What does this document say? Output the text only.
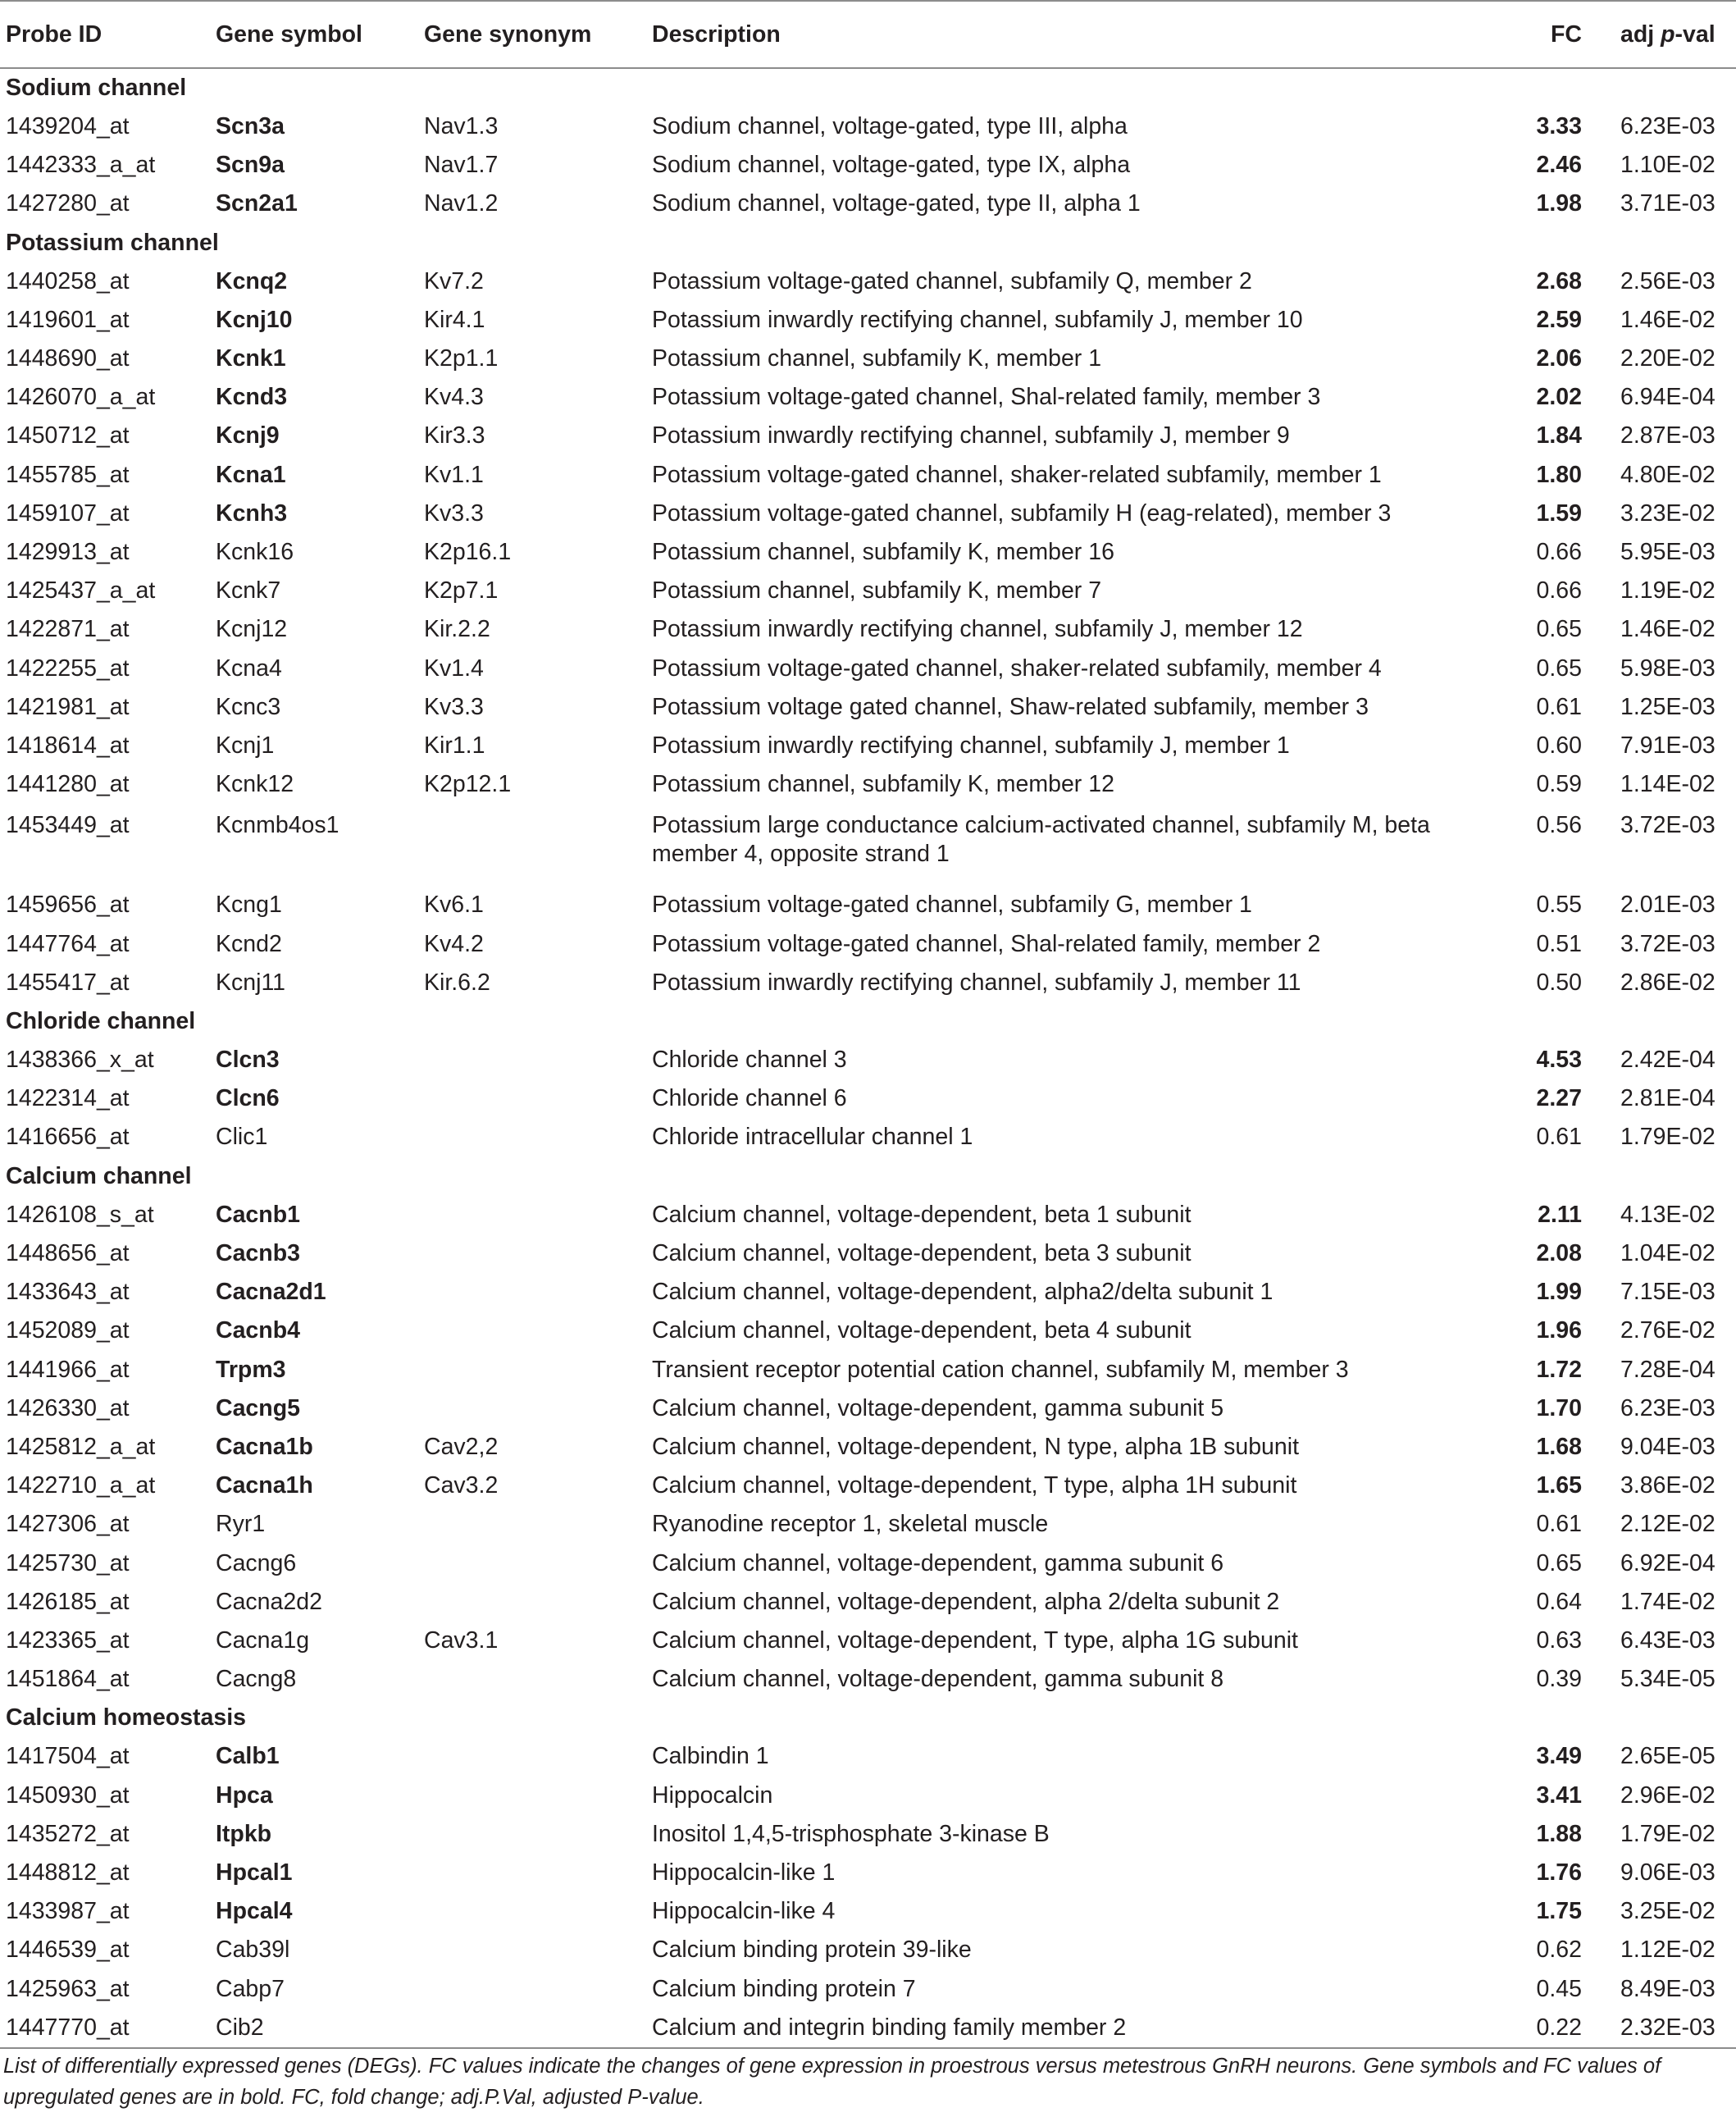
Probe ID	Gene symbol	Gene synonym	Description	FC	adj p-val
Sodium channel					
1439204_at	Scn3a	Nav1.3	Sodium channel, voltage-gated, type III, alpha	3.33	6.23E-03
1442333_a_at	Scn9a	Nav1.7	Sodium channel, voltage-gated, type IX, alpha	2.46	1.10E-02
1427280_at	Scn2a1	Nav1.2	Sodium channel, voltage-gated, type II, alpha 1	1.98	3.71E-03
Potassium channel					
1440258_at	Kcnq2	Kv7.2	Potassium voltage-gated channel, subfamily Q, member 2	2.68	2.56E-03
1419601_at	Kcnj10	Kir4.1	Potassium inwardly rectifying channel, subfamily J, member 10	2.59	1.46E-02
1448690_at	Kcnk1	K2p1.1	Potassium channel, subfamily K, member 1	2.06	2.20E-02
1426070_a_at	Kcnd3	Kv4.3	Potassium voltage-gated channel, Shal-related family, member 3	2.02	6.94E-04
1450712_at	Kcnj9	Kir3.3	Potassium inwardly rectifying channel, subfamily J, member 9	1.84	2.87E-03
1455785_at	Kcna1	Kv1.1	Potassium voltage-gated channel, shaker-related subfamily, member 1	1.80	4.80E-02
1459107_at	Kcnh3	Kv3.3	Potassium voltage-gated channel, subfamily H (eag-related), member 3	1.59	3.23E-02
1429913_at	Kcnk16	K2p16.1	Potassium channel, subfamily K, member 16	0.66	5.95E-03
1425437_a_at	Kcnk7	K2p7.1	Potassium channel, subfamily K, member 7	0.66	1.19E-02
1422871_at	Kcnj12	Kir.2.2	Potassium inwardly rectifying channel, subfamily J, member 12	0.65	1.46E-02
1422255_at	Kcna4	Kv1.4	Potassium voltage-gated channel, shaker-related subfamily, member 4	0.65	5.98E-03
1421981_at	Kcnc3	Kv3.3	Potassium voltage gated channel, Shaw-related subfamily, member 3	0.61	1.25E-03
1418614_at	Kcnj1	Kir1.1	Potassium inwardly rectifying channel, subfamily J, member 1	0.60	7.91E-03
1441280_at	Kcnk12	K2p12.1	Potassium channel, subfamily K, member 12	0.59	1.14E-02
1453449_at	Kcnmb4os1		Potassium large conductance calcium-activated channel, subfamily M, beta member 4, opposite strand 1	0.56	3.72E-03
1459656_at	Kcng1	Kv6.1	Potassium voltage-gated channel, subfamily G, member 1	0.55	2.01E-03
1447764_at	Kcnd2	Kv4.2	Potassium voltage-gated channel, Shal-related family, member 2	0.51	3.72E-03
1455417_at	Kcnj11	Kir.6.2	Potassium inwardly rectifying channel, subfamily J, member 11	0.50	2.86E-02
Chloride channel					
1438366_x_at	Clcn3		Chloride channel 3	4.53	2.42E-04
1422314_at	Clcn6		Chloride channel 6	2.27	2.81E-04
1416656_at	Clic1		Chloride intracellular channel 1	0.61	1.79E-02
Calcium channel					
1426108_s_at	Cacnb1		Calcium channel, voltage-dependent, beta 1 subunit	2.11	4.13E-02
1448656_at	Cacnb3		Calcium channel, voltage-dependent, beta 3 subunit	2.08	1.04E-02
1433643_at	Cacna2d1		Calcium channel, voltage-dependent, alpha2/delta subunit 1	1.99	7.15E-03
1452089_at	Cacnb4		Calcium channel, voltage-dependent, beta 4 subunit	1.96	2.76E-02
1441966_at	Trpm3		Transient receptor potential cation channel, subfamily M, member 3	1.72	7.28E-04
1426330_at	Cacng5		Calcium channel, voltage-dependent, gamma subunit 5	1.70	6.23E-03
1425812_a_at	Cacna1b	Cav2,2	Calcium channel, voltage-dependent, N type, alpha 1B subunit	1.68	9.04E-03
1422710_a_at	Cacna1h	Cav3.2	Calcium channel, voltage-dependent, T type, alpha 1H subunit	1.65	3.86E-02
1427306_at	Ryr1		Ryanodine receptor 1, skeletal muscle	0.61	2.12E-02
1425730_at	Cacng6		Calcium channel, voltage-dependent, gamma subunit 6	0.65	6.92E-04
1426185_at	Cacna2d2		Calcium channel, voltage-dependent, alpha 2/delta subunit 2	0.64	1.74E-02
1423365_at	Cacna1g	Cav3.1	Calcium channel, voltage-dependent, T type, alpha 1G subunit	0.63	6.43E-03
1451864_at	Cacng8		Calcium channel, voltage-dependent, gamma subunit 8	0.39	5.34E-05
Calcium homeostasis					
1417504_at	Calb1		Calbindin 1	3.49	2.65E-05
1450930_at	Hpca		Hippocalcin	3.41	2.96E-02
1435272_at	Itpkb		Inositol 1,4,5-trisphosphate 3-kinase B	1.88	1.79E-02
1448812_at	Hpcal1		Hippocalcin-like 1	1.76	9.06E-03
1433987_at	Hpcal4		Hippocalcin-like 4	1.75	3.25E-02
1446539_at	Cab39l		Calcium binding protein 39-like	0.62	1.12E-02
1425963_at	Cabp7		Calcium binding protein 7	0.45	8.49E-03
1447770_at	Cib2		Calcium and integrin binding family member 2	0.22	2.32E-03
List of differentially expressed genes (DEGs). FC values indicate the changes of gene expression in proestrous versus metestrous GnRH neurons. Gene symbols and FC values of upregulated genes are in bold. FC, fold change; adj.P.Val, adjusted P-value.
